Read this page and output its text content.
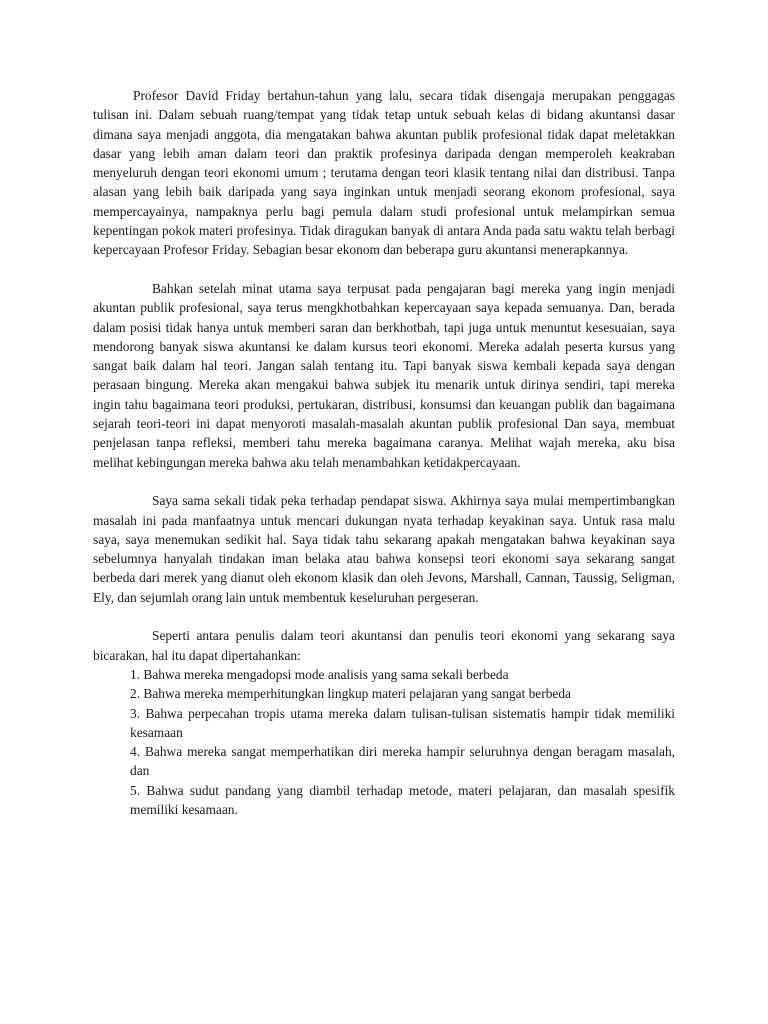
Profesor David Friday bertahun-tahun yang lalu, secara tidak disengaja merupakan penggagas tulisan ini. Dalam sebuah ruang/tempat yang tidak tetap untuk sebuah kelas di bidang akuntansi dasar dimana saya menjadi anggota, dia mengatakan bahwa akuntan publik profesional tidak dapat meletakkan dasar yang lebih aman dalam teori dan praktik profesinya daripada dengan memperoleh keakraban menyeluruh dengan teori ekonomi umum ; terutama dengan teori klasik tentang nilai dan distribusi. Tanpa alasan yang lebih baik daripada yang saya inginkan untuk menjadi seorang ekonom profesional, saya mempercayainya, nampaknya perlu bagi pemula dalam studi profesional untuk melampirkan semua kepentingan pokok materi profesinya. Tidak diragukan banyak di antara Anda pada satu waktu telah berbagi kepercayaan Profesor Friday. Sebagian besar ekonom dan beberapa guru akuntansi menerapkannya.

Bahkan setelah minat utama saya terpusat pada pengajaran bagi mereka yang ingin menjadi akuntan publik profesional, saya terus mengkhotbahkan kepercayaan saya kepada semuanya. Dan, berada dalam posisi tidak hanya untuk memberi saran dan berkhotbah, tapi juga untuk menuntut kesesuaian, saya mendorong banyak siswa akuntansi ke dalam kursus teori ekonomi. Mereka adalah peserta kursus yang sangat baik dalam hal teori. Jangan salah tentang itu. Tapi banyak siswa kembali kepada saya dengan perasaan bingung. Mereka akan mengakui bahwa subjek itu menarik untuk dirinya sendiri, tapi mereka ingin tahu bagaimana teori produksi, pertukaran, distribusi, konsumsi dan keuangan publik dan bagaimana sejarah teori-teori ini dapat menyoroti masalah-masalah akuntan publik profesional Dan saya, membuat penjelasan tanpa refleksi, memberi tahu mereka bagaimana caranya. Melihat wajah mereka, aku bisa melihat kebingungan mereka bahwa aku telah menambahkan ketidakpercayaan.

Saya sama sekali tidak peka terhadap pendapat siswa. Akhirnya saya mulai mempertimbangkan masalah ini pada manfaatnya untuk mencari dukungan nyata terhadap keyakinan saya. Untuk rasa malu saya, saya menemukan sedikit hal. Saya tidak tahu sekarang apakah mengatakan bahwa keyakinan saya sebelumnya hanyalah tindakan iman belaka atau bahwa konsepsi teori ekonomi saya sekarang sangat berbeda dari merek yang dianut oleh ekonom klasik dan oleh Jevons, Marshall, Cannan, Taussig, Seligman, Ely, dan sejumlah orang lain untuk membentuk keseluruhan pergeseran.

Seperti antara penulis dalam teori akuntansi dan penulis teori ekonomi yang sekarang saya bicarakan, hal itu dapat dipertahankan:

1. Bahwa mereka mengadopsi mode analisis yang sama sekali berbeda
2. Bahwa mereka memperhitungkan lingkup materi pelajaran yang sangat berbeda
3. Bahwa perpecahan tropis utama mereka dalam tulisan-tulisan sistematis hampir tidak memiliki kesamaan
4. Bahwa mereka sangat memperhatikan diri mereka hampir seluruhnya dengan beragam masalah, dan
5. Bahwa sudut pandang yang diambil terhadap metode, materi pelajaran, dan masalah spesifik memiliki kesamaan.
